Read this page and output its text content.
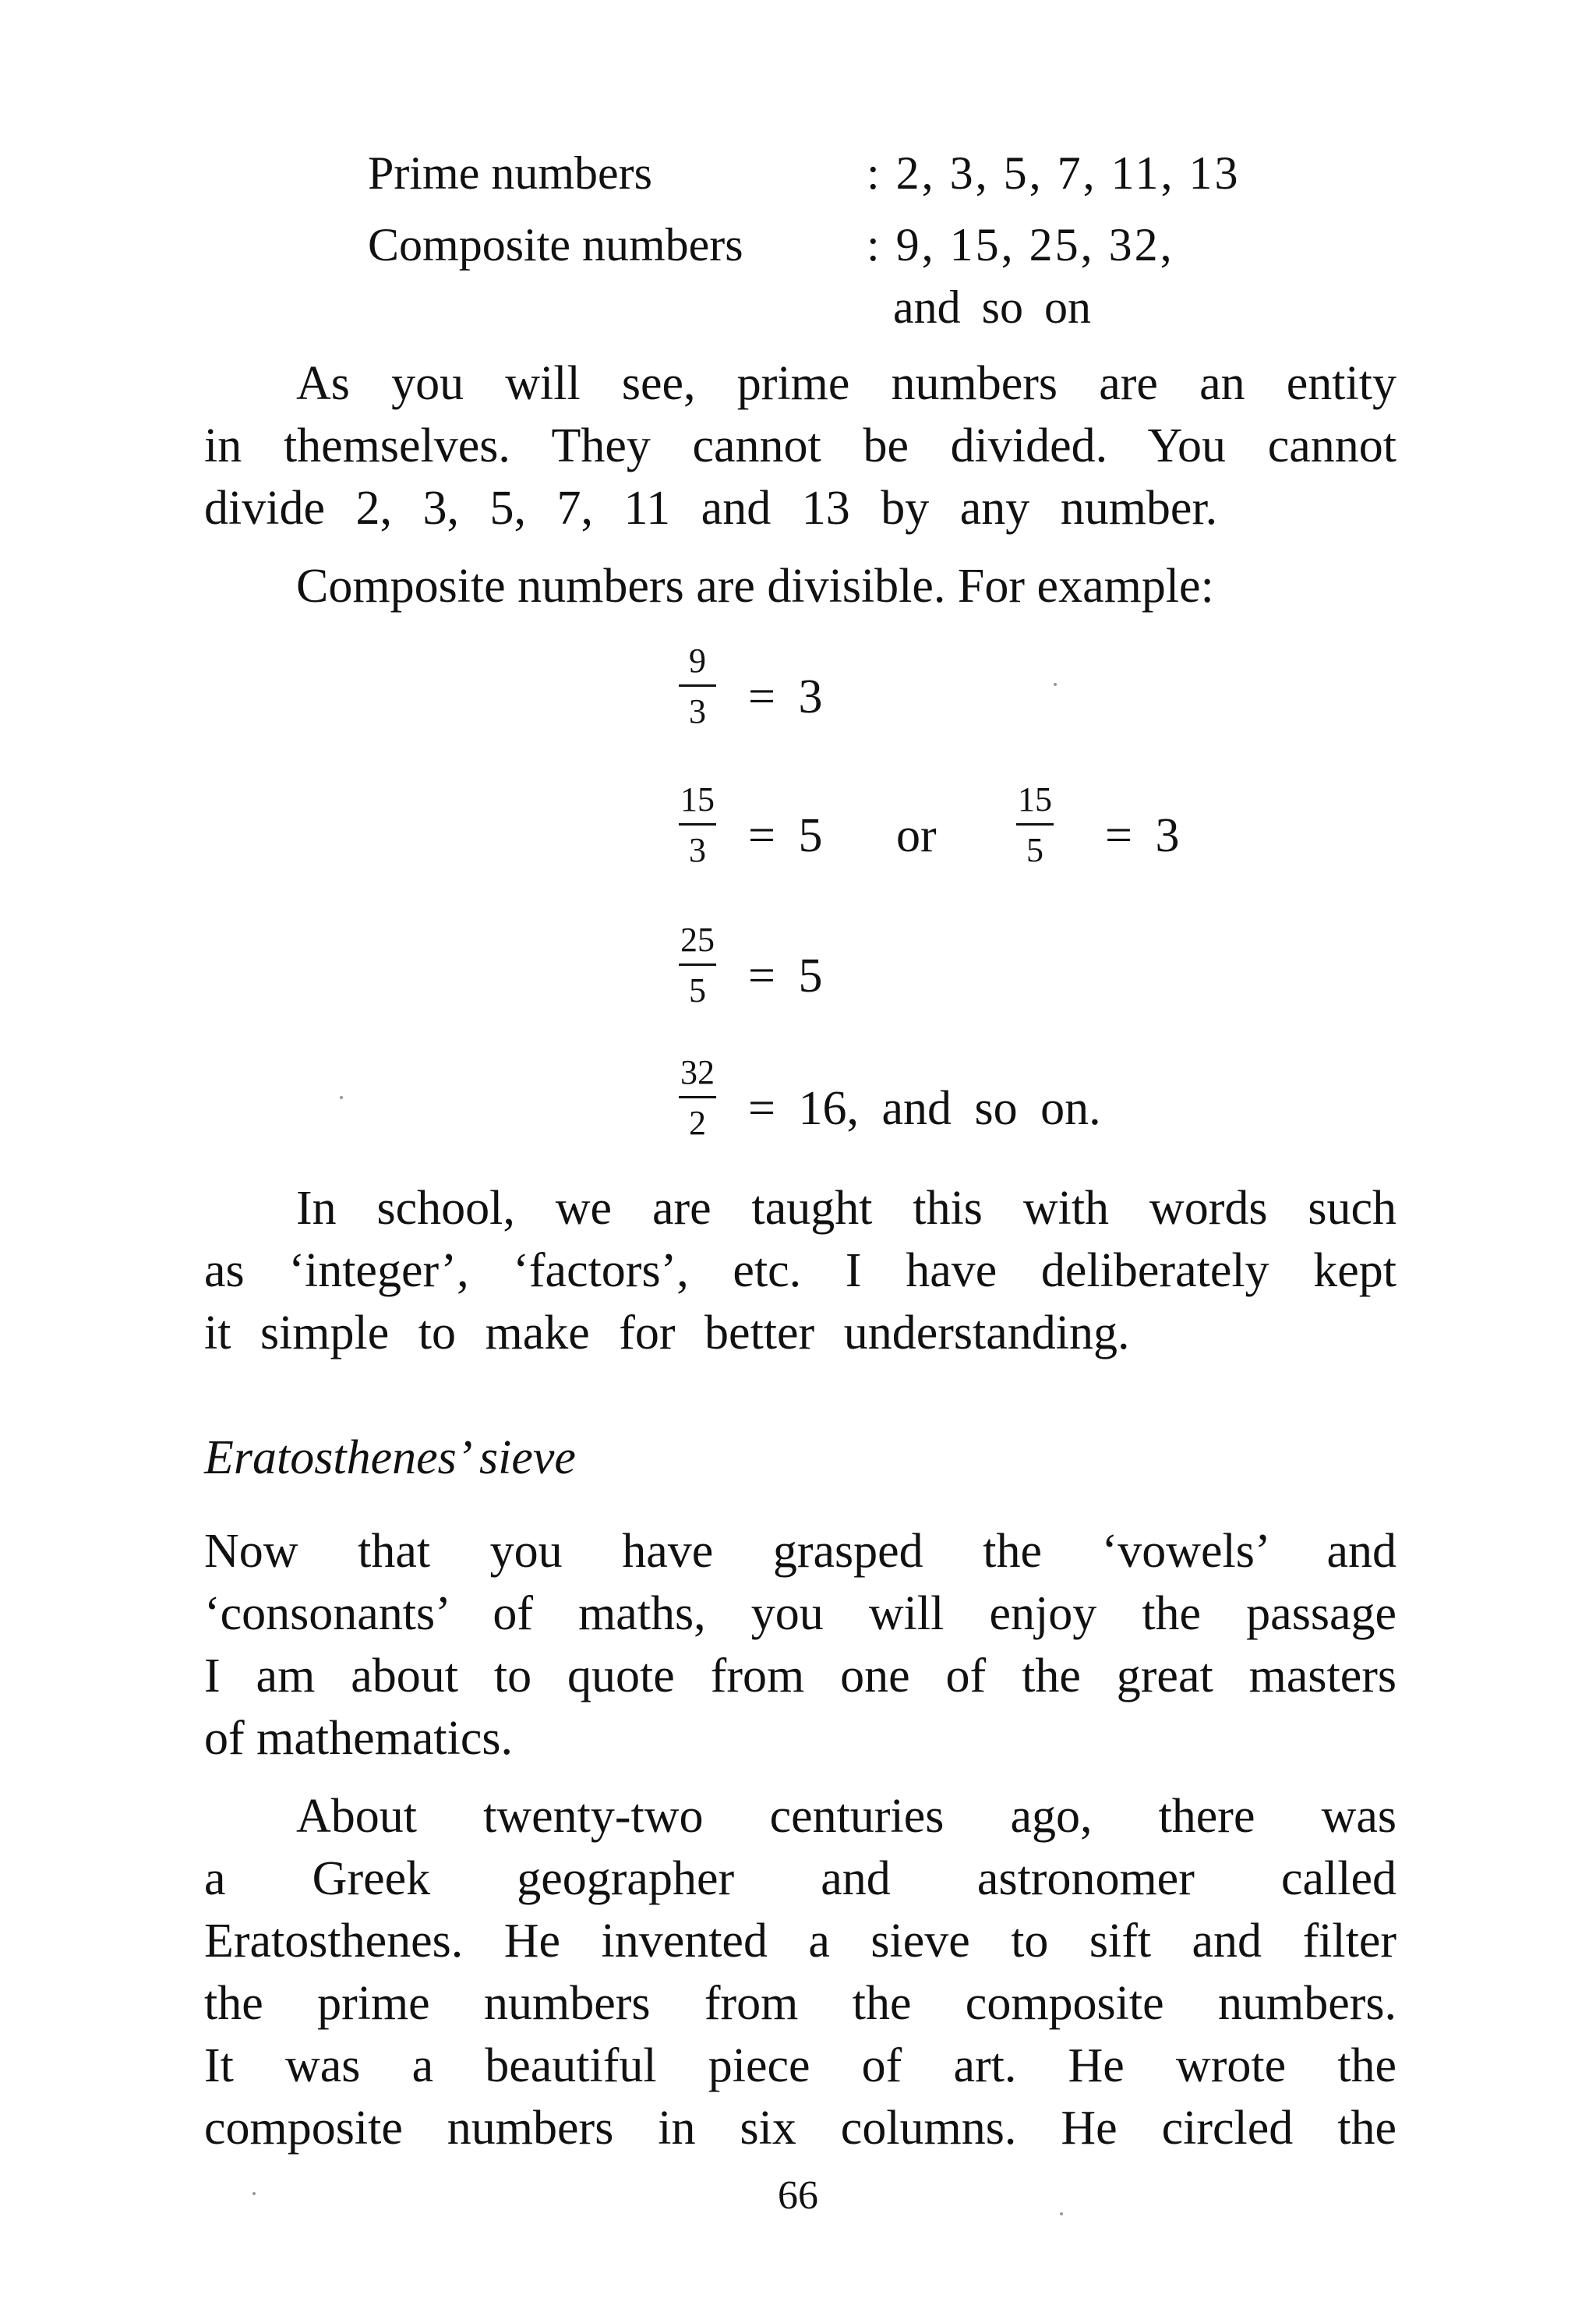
Prime numbers	: 2, 3, 5, 7, 11, 13
Composite numbers	: 9, 15, 25, 32,
and so on
As you will see, prime numbers are an entity
in themselves. They cannot be divided. You cannot
divide 2, 3, 5, 7, 11 and 13 by any number.
Composite numbers are divisible. For example:
9
3 = 3
15
3 = 5 or
15
5	= 3
25
5 = 5
32
2 = 16, and so on.
In school, we are taught this with words such
as ‘integer’, ‘factors’, etc. I have deliberately kept
it simple to make for better understanding.
Eratosthenes’ sieve
Now that you have grasped the ‘vowels’ and
‘consonants’ of maths, you will enjoy the passage
I am about to quote from one of the great masters
of mathematics.
About twenty-two centuries ago, there was
a Greek geographer and astronomer called
Eratosthenes. He invented a sieve to sift and filter
the prime numbers from the composite numbers.
It was a beautiful piece of art. He wrote the
composite numbers in six columns. He circled the
66
